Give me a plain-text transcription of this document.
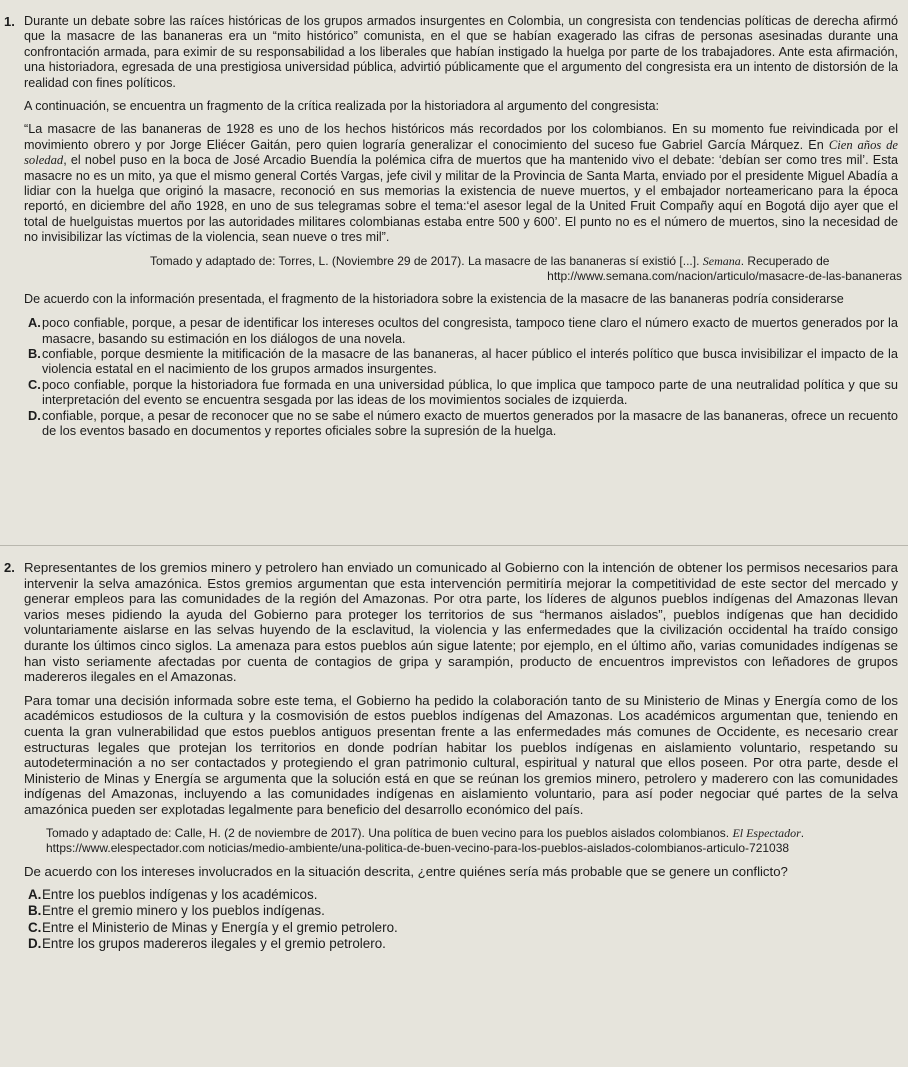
1. Durante un debate sobre las raíces históricas de los grupos armados insurgentes en Colombia, un congresista con tendencias políticas de derecha afirmó que la masacre de las bananeras era un “mito histórico” comunista, en el que se habían exagerado las cifras de personas asesinadas durante una confrontación armada, para eximir de su responsabilidad a los liberales que habían instigado la huelga por parte de los trabajadores. Ante esta afirmación, una historiadora, egresada de una prestigiosa universidad pública, advirtió públicamente que el argumento del congresista era un intento de distorsión de la realidad con fines políticos.

A continuación, se encuentra un fragmento de la crítica realizada por la historiadora al argumento del congresista:

“La masacre de las bananeras de 1928 es uno de los hechos históricos más recordados por los colombianos. En su momento fue reivindicada por el movimiento obrero y por Jorge Eliécer Gaitán, pero quien lograría generalizar el conocimiento del suceso fue Gabriel García Márquez. En Cien años de soledad, el nobel puso en la boca de José Arcadio Buendía la polémica cifra de muertos que ha mantenido vivo el debate: ‘debían ser como tres mil’. Esta masacre no es un mito, ya que el mismo general Cortés Vargas, jefe civil y militar de la Provincia de Santa Marta, enviado por el presidente Miguel Abadía a lidiar con la huelga que originó la masacre, reconoció en sus memorias la existencia de nueve muertos, y el embajador norteamericano para la época reportó, en diciembre del año 1928, en uno de sus telegramas sobre el tema:‘el asesor legal de la United Fruit Compañy aquí en Bogotá dijo ayer que el total de huelguistas muertos por las autoridades militares colombianas estaba entre 500 y 600’. El punto no es el número de muertos, sino la necesidad de no invisibilizar las víctimas de la violencia, sean nueve o tres mil”.

Tomado y adaptado de: Torres, L. (Noviembre 29 de 2017). La masacre de las bananeras sí existió [...]. Semana. Recuperado de
http://www.semana.com/nacion/articulo/masacre-de-las-bananeras

De acuerdo con la información presentada, el fragmento de la historiadora sobre la existencia de la masacre de las bananeras podría considerarse

A. poco confiable, porque, a pesar de identificar los intereses ocultos del congresista, tampoco tiene claro el número exacto de muertos generados por la masacre, basando su estimación en los diálogos de una novela.
B. confiable, porque desmiente la mitificación de la masacre de las bananeras, al hacer público el interés político que busca invisibilizar el impacto de la violencia estatal en el nacimiento de los grupos armados insurgentes.
C. poco confiable, porque la historiadora fue formada en una universidad pública, lo que implica que tampoco parte de una neutralidad política y que su interpretación del evento se encuentra sesgada por las ideas de los movimientos sociales de izquierda.
D. confiable, porque, a pesar de reconocer que no se sabe el número exacto de muertos generados por la masacre de las bananeras, ofrece un recuento de los eventos basado en documentos y reportes oficiales sobre la supresión de la huelga.
2. Representantes de los gremios minero y petrolero han enviado un comunicado al Gobierno con la intención de obtener los permisos necesarios para intervenir la selva amazónica. Estos gremios argumentan que esta intervención permitiría mejorar la competitividad de este sector del mercado y generar empleos para las comunidades de la región del Amazonas. Por otra parte, los líderes de algunos pueblos indígenas del Amazonas llevan varios meses pidiendo la ayuda del Gobierno para proteger los territorios de sus “hermanos aislados”, pueblos indígenas que han decidido voluntariamente aislarse en las selvas huyendo de la esclavitud, la violencia y las enfermedades que la civilización occidental ha traído consigo durante los últimos cinco siglos. La amenaza para estos pueblos aún sigue latente; por ejemplo, en el último año, varias comunidades indígenas se han visto seriamente afectadas por cuenta de contagios de gripa y sarampión, producto de encuentros imprevistos con leñadores de grupos madereros ilegales en el Amazonas.

Para tomar una decisión informada sobre este tema, el Gobierno ha pedido la colaboración tanto de su Ministerio de Minas y Energía como de los académicos estudiosos de la cultura y la cosmovisión de estos pueblos indígenas del Amazonas. Los académicos argumentan que, teniendo en cuenta la gran vulnerabilidad que estos pueblos antiguos presentan frente a las enfermedades más comunes de Occidente, es necesario crear estructuras legales que protejan los territorios en donde podrían habitar los pueblos indígenas en aislamiento voluntario, respetando su autodeterminación a no ser contactados y protegiendo el gran patrimonio cultural, espiritual y natural que ellos poseen. Por otra parte, desde el Ministerio de Minas y Energía se argumenta que la solución está en que se reúnan los gremios minero, petrolero y maderero con las comunidades indígenas del Amazonas, incluyendo a las comunidades indígenas en aislamiento voluntario, para así poder negociar qué partes de la selva amazónica pueden ser explotadas legalmente para beneficio del desarrollo económico del país.

Tomado y adaptado de: Calle, H. (2 de noviembre de 2017). Una política de buen vecino para los pueblos aislados colombianos. El Espectador.
https://www.elespectador.com noticias/medio-ambiente/una-politica-de-buen-vecino-para-los-pueblos-aislados-colombianos-articulo-721038

De acuerdo con los intereses involucrados en la situación descrita, ¿entre quiénes sería más probable que se genere un conflicto?

A. Entre los pueblos indígenas y los académicos.
B. Entre el gremio minero y los pueblos indígenas.
C. Entre el Ministerio de Minas y Energía y el gremio petrolero.
D. Entre los grupos madereros ilegales y el gremio petrolero.
